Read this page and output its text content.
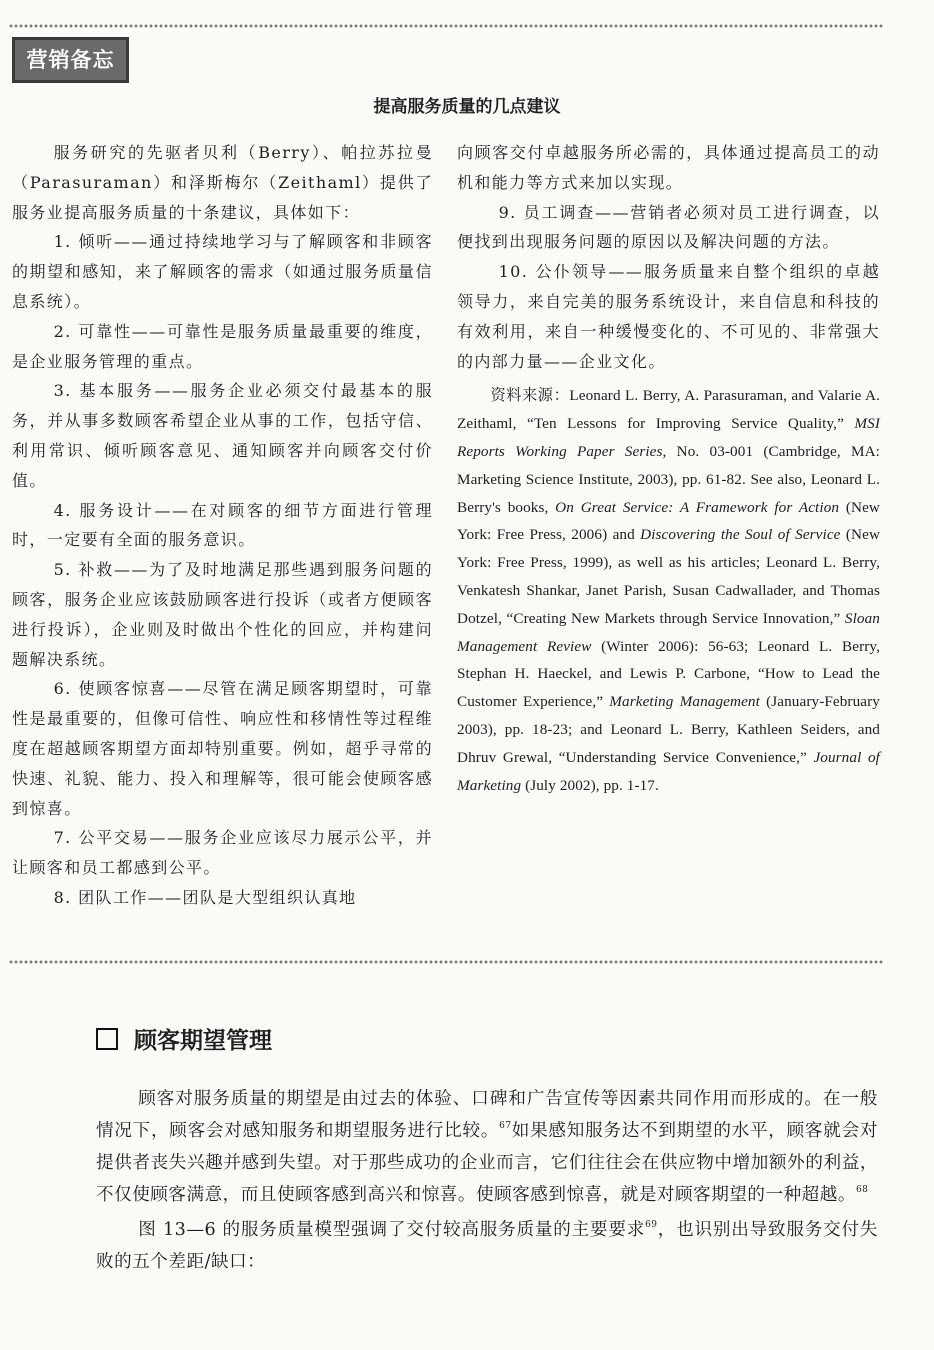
营销备忘
提高服务质量的几点建议

服务研究的先驱者贝利（Berry）、帕拉苏拉曼（Parasuraman）和泽斯梅尔（Zeithaml）提供了服务业提高服务质量的十条建议，具体如下：

1. 倾听——通过持续地学习与了解顾客和非顾客的期望和感知，来了解顾客的需求（如通过服务质量信息系统）。

2. 可靠性——可靠性是服务质量最重要的维度，是企业服务管理的重点。

3. 基本服务——服务企业必须交付最基本的服务，并从事多数顾客希望企业从事的工作，包括守信、利用常识、倾听顾客意见、通知顾客并向顾客交付价值。

4. 服务设计——在对顾客的细节方面进行管理时，一定要有全面的服务意识。

5. 补救——为了及时地满足那些遇到服务问题的顾客，服务企业应该鼓励顾客进行投诉（或者方便顾客进行投诉），企业则及时做出个性化的回应，并构建问题解决系统。

6. 使顾客惊喜——尽管在满足顾客期望时，可靠性是最重要的，但像可信性、响应性和移情性等过程维度在超越顾客期望方面却特别重要。例如，超乎寻常的快速、礼貌、能力、投入和理解等，很可能会使顾客感到惊喜。

7. 公平交易——服务企业应该尽力展示公平，并让顾客和员工都感到公平。

8. 团队工作——团队是大型组织认真地

向顾客交付卓越服务所必需的，具体通过提高员工的动机和能力等方式来加以实现。

9. 员工调查——营销者必须对员工进行调查，以便找到出现服务问题的原因以及解决问题的方法。

10. 公仆领导——服务质量来自整个组织的卓越领导力，来自完美的服务系统设计，来自信息和科技的有效利用，来自一种缓慢变化的、不可见的、非常强大的内部力量——企业文化。

资料来源：Leonard L. Berry, A. Parasuraman, and Valarie A. Zeithaml, “Ten Lessons for Improving Service Quality,” MSI Reports Working Paper Series, No. 03-001 (Cambridge, MA: Marketing Science Institute, 2003), pp. 61-82. See also, Leonard L. Berry's books, On Great Service: A Framework for Action (New York: Free Press, 2006) and Discovering the Soul of Service (New York: Free Press, 1999), as well as his articles; Leonard L. Berry, Venkatesh Shankar, Janet Parish, Susan Cadwallader, and Thomas Dotzel, “Creating New Markets through Service Innovation,” Sloan Management Review (Winter 2006): 56-63; Leonard L. Berry, Stephan H. Haeckel, and Lewis P. Carbone, “How to Lead the Customer Experience,” Marketing Management (January-February 2003), pp. 18-23; and Leonard L. Berry, Kathleen Seiders, and Dhruv Grewal, “Understanding Service Convenience,” Journal of Marketing (July 2002), pp. 1-17.

顾客期望管理

顾客对服务质量的期望是由过去的体验、口碑和广告宣传等因素共同作用而形成的。在一般情况下，顾客会对感知服务和期望服务进行比较。$^{67}$如果感知服务达不到期望的水平，顾客就会对提供者丧失兴趣并感到失望。对于那些成功的企业而言，它们往往会在供应物中增加额外的利益，不仅使顾客满意，而且使顾客感到高兴和惊喜。使顾客感到惊喜，就是对顾客期望的一种超越。$^{68}$

图 13—6 的服务质量模型强调了交付较高服务质量的主要要求$^{69}$，也识别出导致服务交付失败的五个差距/缺口：
